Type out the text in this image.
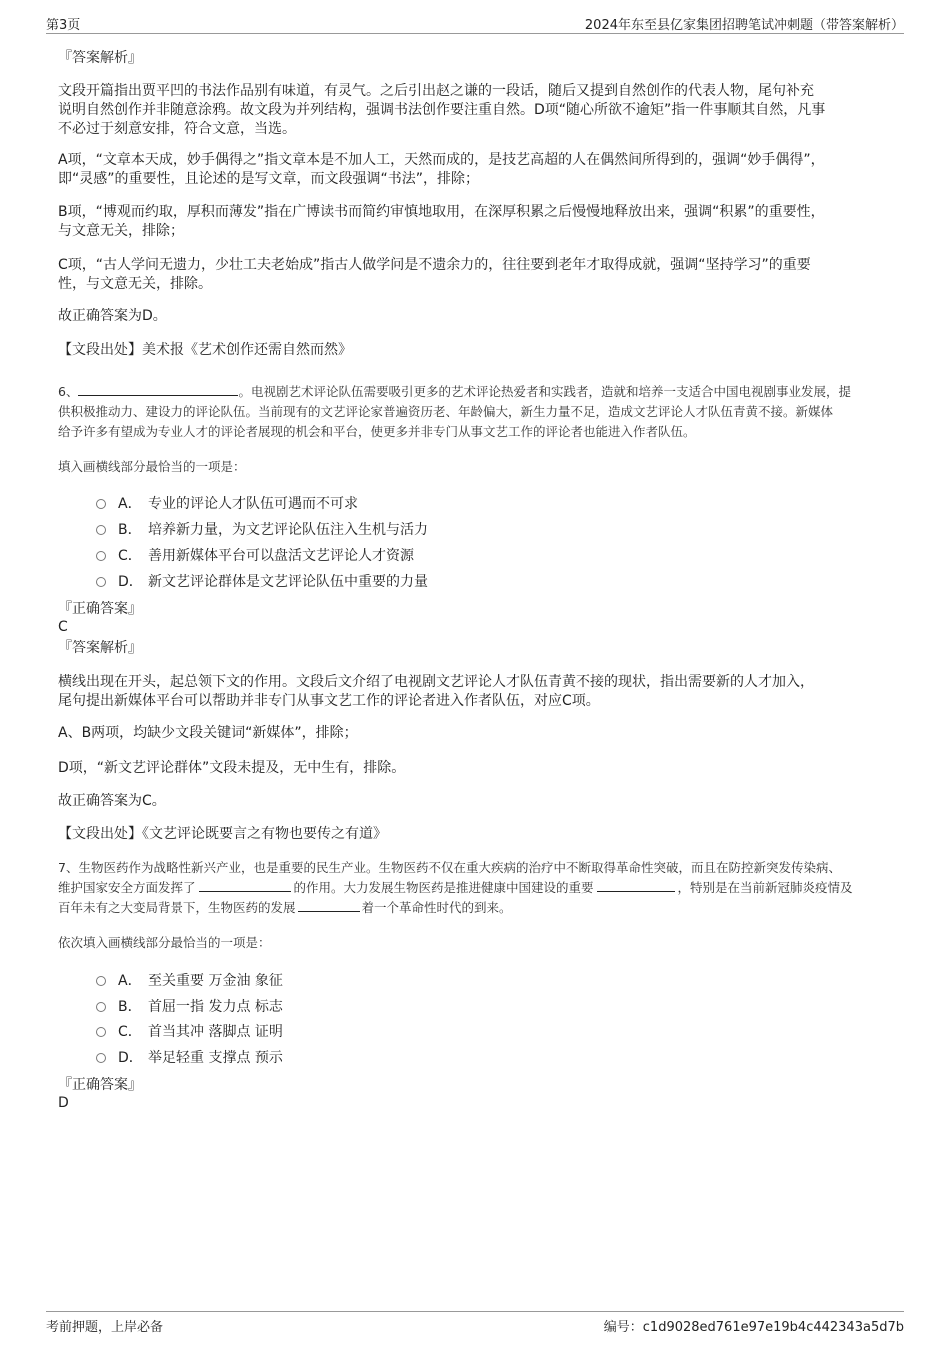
第3页	2024年东至县亿家集团招聘笔试冲刺题（带答案解析）
『答案解析』
文段开篇指出贾平凹的书法作品别有味道，有灵气。之后引出赵之谦的一段话，随后又提到自然创作的代表人物，尾句补充
说明自然创作并非随意涂鸦。故文段为并列结构，强调书法创作要注重自然。D项“随心所欲不逾矩”指一件事顺其自然，凡事
不必过于刻意安排，符合文意，当选。
A项，“文章本天成，妙手偶得之”指文章本是不加人工，天然而成的，是技艺高超的人在偶然间所得到的，强调“妙手偶得”，
即“灵感”的重要性，且论述的是写文章，而文段强调“书法”，排除；
B项，“博观而约取，厚积而薄发”指在广博读书而简约审慎地取用，在深厚积累之后慢慢地释放出来，强调“积累”的重要性，
与文意无关，排除；
C项，“古人学问无遗力，少壮工夫老始成”指古人做学问是不遗余力的，往往要到老年才取得成就，强调“坚持学习”的重要
性，与文意无关，排除。
故正确答案为D。
【文段出处】美术报《艺术创作还需自然而然》
6、	。电视剧艺术评论队伍需要吸引更多的艺术评论热爱者和实践者，造就和培养一支适合中国电视剧事业发展，提
供积极推动力、建设力的评论队伍。当前现有的文艺评论家普遍资历老、年龄偏大，新生力量不足，造成文艺评论人才队伍青黄不接。新媒体
给予许多有望成为专业人才的评论者展现的机会和平台，使更多并非专门从事文艺工作的评论者也能进入作者队伍。
填入画横线部分最恰当的一项是：
A． 专业的评论人才队伍可遇而不可求
B． 培养新力量，为文艺评论队伍注入生机与活力
C． 善用新媒体平台可以盘活文艺评论人才资源
D． 新文艺评论群体是文艺评论队伍中重要的力量
『正确答案』
C
『答案解析』
横线出现在开头，起总领下文的作用。文段后文介绍了电视剧文艺评论人才队伍青黄不接的现状，指出需要新的人才加入，
尾句提出新媒体平台可以帮助并非专门从事文艺工作的评论者进入作者队伍，对应C项。
A、B两项，均缺少文段关键词“新媒体”，排除；
D项，“新文艺评论群体”文段未提及，无中生有，排除。
故正确答案为C。
【文段出处】《文艺评论既要言之有物也要传之有道》
7、生物医药作为战略性新兴产业，也是重要的民生产业。生物医药不仅在重大疾病的治疗中不断取得革命性突破，而且在防控新突发传染病、
维护国家安全方面发挥了	的作用。大力发展生物医药是推进健康中国建设的重要	，特别是在当前新冠肺炎疫情及
百年未有之大变局背景下，生物医药的发展	着一个革命性时代的到来。
依次填入画横线部分最恰当的一项是：
A． 至关重要 万金油 象征
B． 首屈一指 发力点 标志
C． 首当其冲 落脚点 证明
D． 举足轻重 支撑点 预示
『正确答案』
D
考前押题，上岸必备	编号：c1d9028ed761e97e19b4c442343a5d7b
